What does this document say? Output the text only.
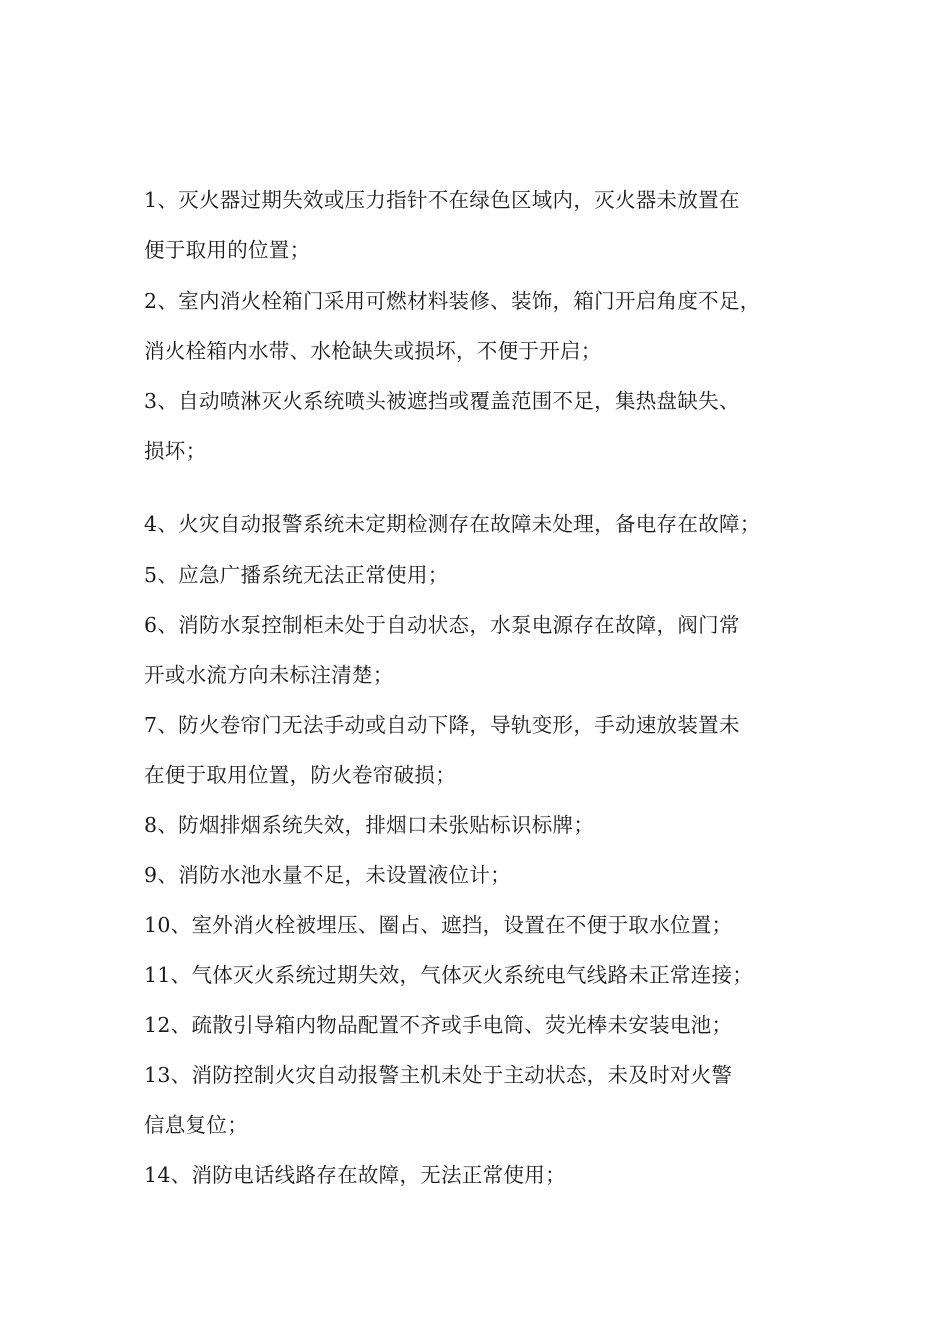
1、灭火器过期失效或压力指针不在绿色区域内，灭火器未放置在
便于取用的位置；
2、室内消火栓箱门采用可燃材料装修、装饰，箱门开启角度不足，
消火栓箱内水带、水枪缺失或损坏，不便于开启；
3、自动喷淋灭火系统喷头被遮挡或覆盖范围不足，集热盘缺失、
损坏；
4、火灾自动报警系统未定期检测存在故障未处理，备电存在故障；
5、应急广播系统无法正常使用；
6、消防水泵控制柜未处于自动状态，水泵电源存在故障，阀门常
开或水流方向未标注清楚；
7、防火卷帘门无法手动或自动下降，导轨变形，手动速放装置未
在便于取用位置，防火卷帘破损；
8、防烟排烟系统失效，排烟口未张贴标识标牌；
9、消防水池水量不足，未设置液位计；
10、室外消火栓被埋压、圈占、遮挡，设置在不便于取水位置；
11、气体灭火系统过期失效，气体灭火系统电气线路未正常连接；
12、疏散引导箱内物品配置不齐或手电筒、荧光棒未安装电池；
13、消防控制火灾自动报警主机未处于主动状态，未及时对火警
信息复位；
14、消防电话线路存在故障，无法正常使用；
